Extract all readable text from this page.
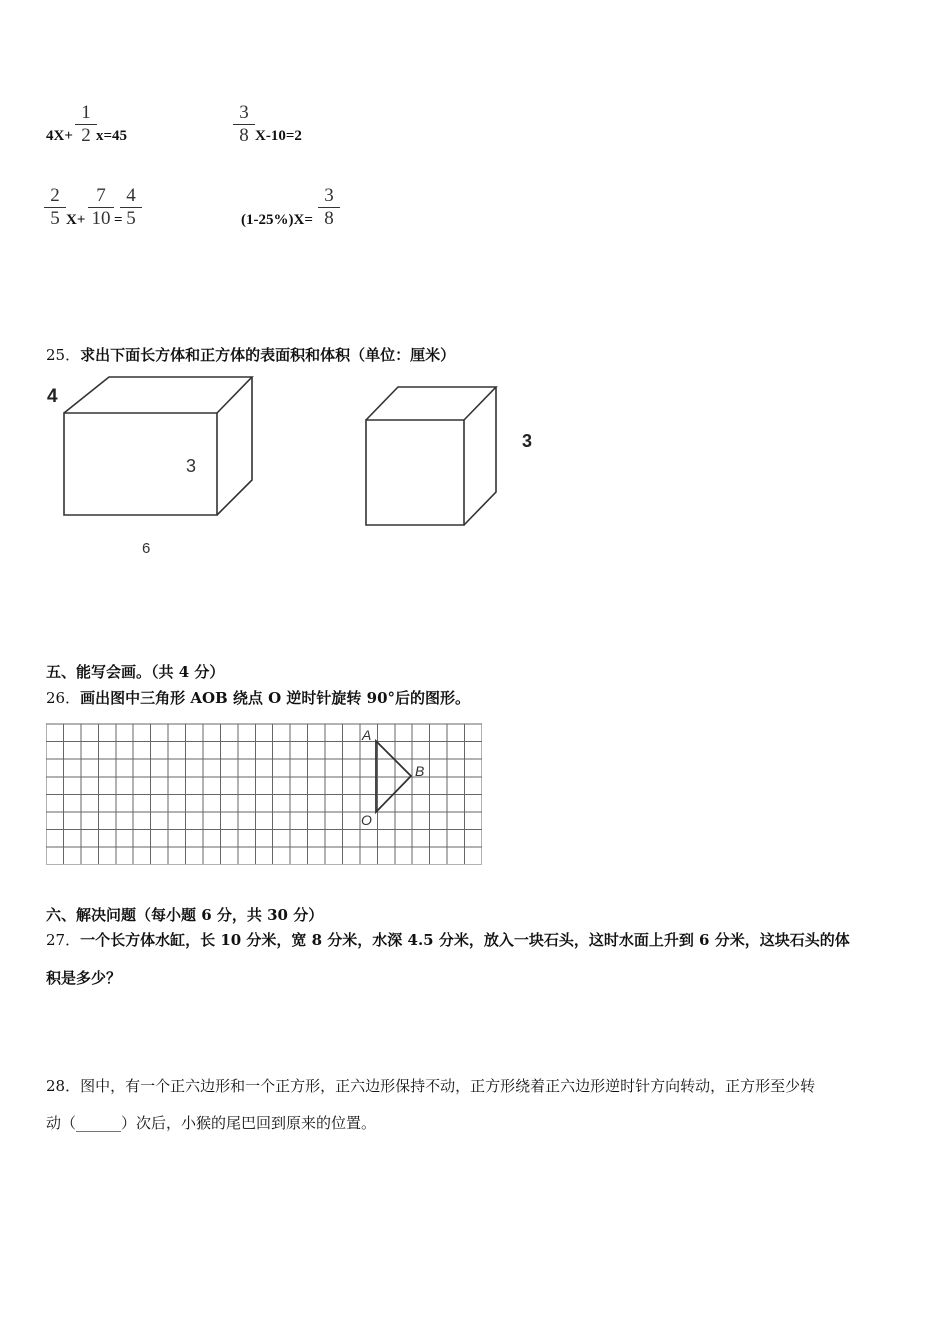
4X+
1
2 x=45
3
8 X-10=2
2
5 X+
7
10 =
4
5	(1-25%)X=
3
8
25．求出下面长方体和正方体的表面积和体积（单位：厘米）
4
3
6
3
五、能写会画。（共 4 分）
26．画出图中三角形 AOB 绕点 O 逆时针旋转 90°后的图形。
A
B
O
六、解决问题（每小题 6 分，共 30 分）
27．一个长方体水缸，长 10 分米，宽 8 分米，水深 4.5 分米，放入一块石头，这时水面上升到 6 分米，这块石头的体
积是多少？
28．图中，有一个正六边形和一个正方形，正六边形保持不动，正方形绕着正六边形逆时针方向转动，正方形至少转
动（______）次后，小猴的尾巴回到原来的位置。
